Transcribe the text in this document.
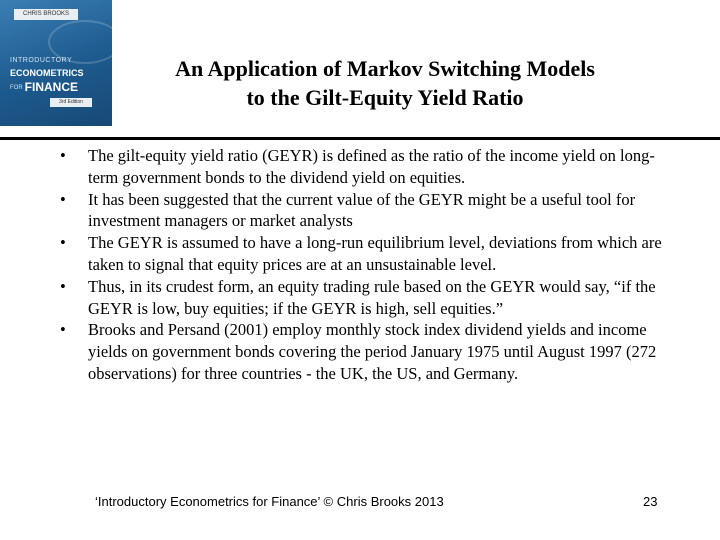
CHRIS BROOKS
INTRODUCTORY
ECONOMETRICS
FOR FINANCE
3rd Edition
An Application of Markov Switching Models
to the Gilt-Equity Yield Ratio
• The gilt-equity yield ratio (GEYR) is defined as the ratio of the income yield on long-term government bonds to the dividend yield on equities.
• It has been suggested that the current value of the GEYR might be a useful tool for investment managers or market analysts
• The GEYR is assumed to have a long-run equilibrium level, deviations from which are taken to signal that equity prices are at an unsustainable level.
• Thus, in its crudest form, an equity trading rule based on the GEYR would say, “if the GEYR is low, buy equities; if the GEYR is high, sell equities.”
• Brooks and Persand (2001) employ monthly stock index dividend yields and income yields on government bonds covering the period January 1975 until August 1997 (272 observations) for three countries - the UK, the US, and Germany.
‘Introductory Econometrics for Finance’ © Chris Brooks 2013	23
